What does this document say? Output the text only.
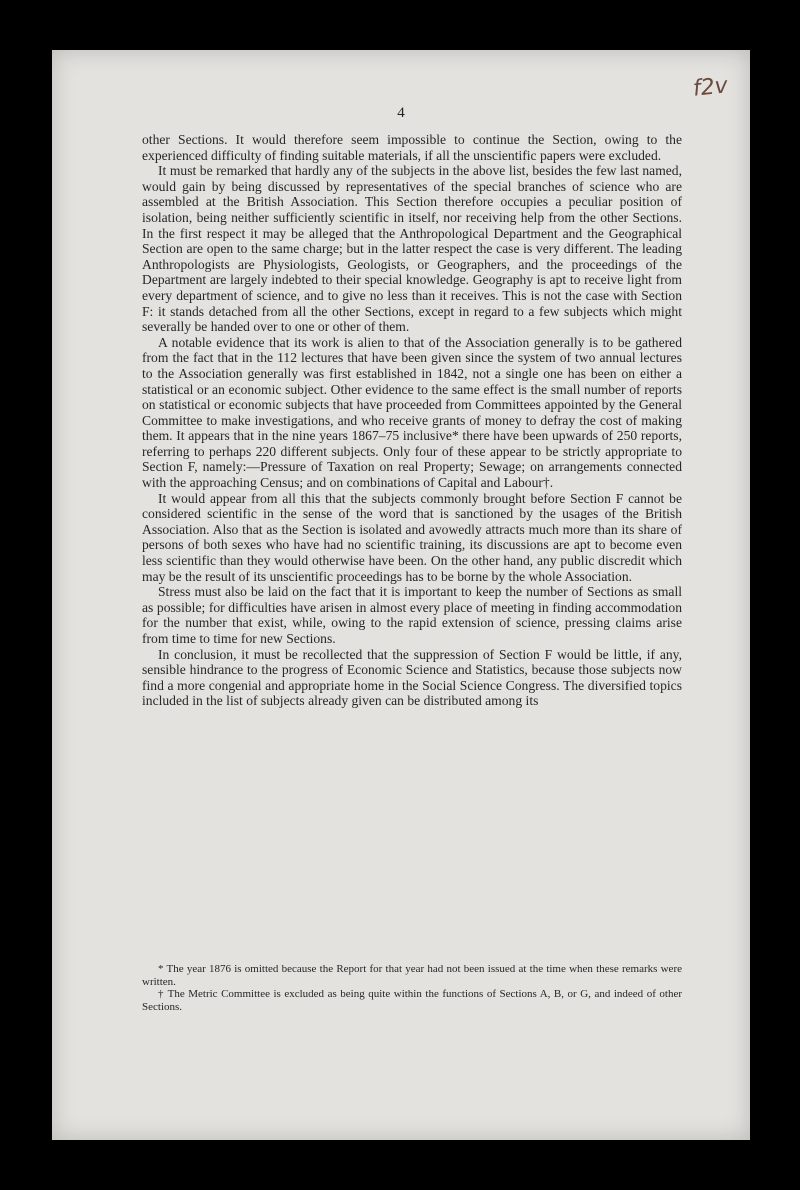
f2v
4

other Sections. It would therefore seem impossible to continue the Section, owing to the experienced difficulty of finding suitable materials, if all the unscientific papers were excluded.

It must be remarked that hardly any of the subjects in the above list, besides the few last named, would gain by being discussed by representatives of the special branches of science who are assembled at the British Association. This Section therefore occupies a peculiar position of isolation, being neither sufficiently scientific in itself, nor receiving help from the other Sections. In the first respect it may be alleged that the Anthropological Department and the Geographical Section are open to the same charge; but in the latter respect the case is very different. The leading Anthropologists are Physiologists, Geologists, or Geographers, and the proceedings of the Department are largely indebted to their special knowledge. Geography is apt to receive light from every department of science, and to give no less than it receives. This is not the case with Section F: it stands detached from all the other Sections, except in regard to a few subjects which might severally be handed over to one or other of them.

A notable evidence that its work is alien to that of the Association generally is to be gathered from the fact that in the 112 lectures that have been given since the system of two annual lectures to the Association generally was first established in 1842, not a single one has been on either a statistical or an economic subject. Other evidence to the same effect is the small number of reports on statistical or economic subjects that have proceeded from Committees appointed by the General Committee to make investigations, and who receive grants of money to defray the cost of making them. It appears that in the nine years 1867–75 inclusive* there have been upwards of 250 reports, referring to perhaps 220 different subjects. Only four of these appear to be strictly appropriate to Section F, namely:—Pressure of Taxation on real Property; Sewage; on arrangements connected with the approaching Census; and on combinations of Capital and Labour†.

It would appear from all this that the subjects commonly brought before Section F cannot be considered scientific in the sense of the word that is sanctioned by the usages of the British Association. Also that as the Section is isolated and avowedly attracts much more than its share of persons of both sexes who have had no scientific training, its discussions are apt to become even less scientific than they would otherwise have been. On the other hand, any public discredit which may be the result of its unscientific proceedings has to be borne by the whole Association.

Stress must also be laid on the fact that it is important to keep the number of Sections as small as possible; for difficulties have arisen in almost every place of meeting in finding accommodation for the number that exist, while, owing to the rapid extension of science, pressing claims arise from time to time for new Sections.

In conclusion, it must be recollected that the suppression of Section F would be little, if any, sensible hindrance to the progress of Economic Science and Statistics, because those subjects now find a more congenial and appropriate home in the Social Science Congress. The diversified topics included in the list of subjects already given can be distributed among its

* The year 1876 is omitted because the Report for that year had not been issued at the time when these remarks were written.

† The Metric Committee is excluded as being quite within the functions of Sections A, B, or G, and indeed of other Sections.
